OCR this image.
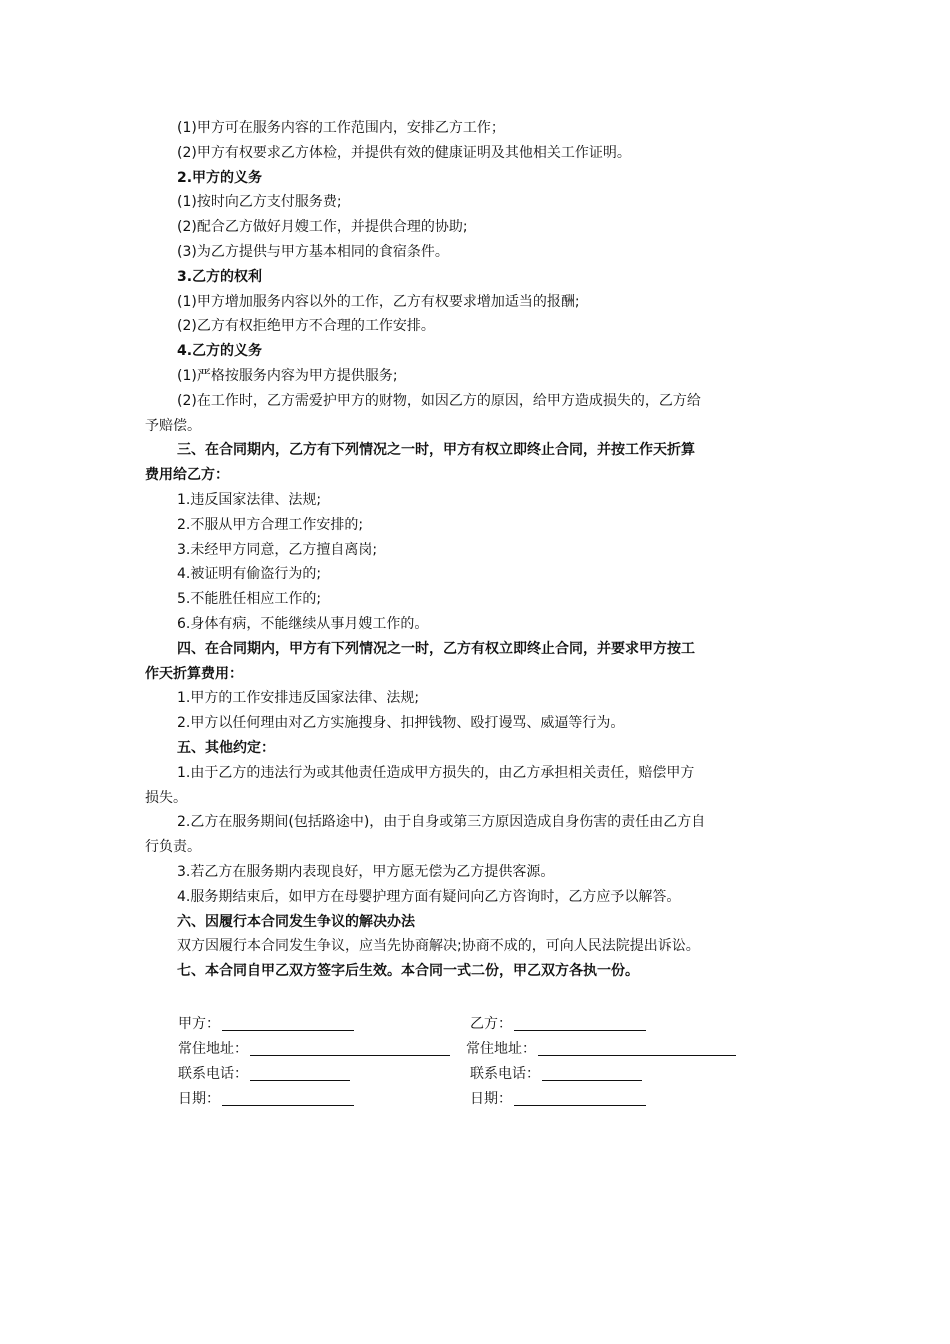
(1)甲方可在服务内容的工作范围内，安排乙方工作；
(2)甲方有权要求乙方体检，并提供有效的健康证明及其他相关工作证明。
2.甲方的义务
(1)按时向乙方支付服务费;
(2)配合乙方做好月嫂工作，并提供合理的协助;
(3)为乙方提供与甲方基本相同的食宿条件。
3.乙方的权利
(1)甲方增加服务内容以外的工作，乙方有权要求增加适当的报酬;
(2)乙方有权拒绝甲方不合理的工作安排。
4.乙方的义务
(1)严格按服务内容为甲方提供服务;
(2)在工作时，乙方需爱护甲方的财物，如因乙方的原因，给甲方造成损失的，乙方给
予赔偿。
三、在合同期内，乙方有下列情况之一时，甲方有权立即终止合同，并按工作天折算
费用给乙方：
1.违反国家法律、法规;
2.不服从甲方合理工作安排的;
3.未经甲方同意，乙方擅自离岗;
4.被证明有偷盗行为的;
5.不能胜任相应工作的;
6.身体有病，不能继续从事月嫂工作的。
四、在合同期内，甲方有下列情况之一时，乙方有权立即终止合同，并要求甲方按工
作天折算费用：
1.甲方的工作安排违反国家法律、法规;
2.甲方以任何理由对乙方实施搜身、扣押钱物、殴打谩骂、威逼等行为。
五、其他约定：
1.由于乙方的违法行为或其他责任造成甲方损失的，由乙方承担相关责任，赔偿甲方
损失。
2.乙方在服务期间(包括路途中)，由于自身或第三方原因造成自身伤害的责任由乙方自
行负责。
3.若乙方在服务期内表现良好，甲方愿无偿为乙方提供客源。
4.服务期结束后，如甲方在母婴护理方面有疑问向乙方咨询时，乙方应予以解答。
六、因履行本合同发生争议的解决办法
双方因履行本合同发生争议，应当先协商解决;协商不成的，可向人民法院提出诉讼。
七、本合同自甲乙双方签字后生效。本合同一式二份，甲乙双方各执一份。
甲方：	乙方：
常住地址：	常住地址：
联系电话：	联系电话：
日期：	日期：
